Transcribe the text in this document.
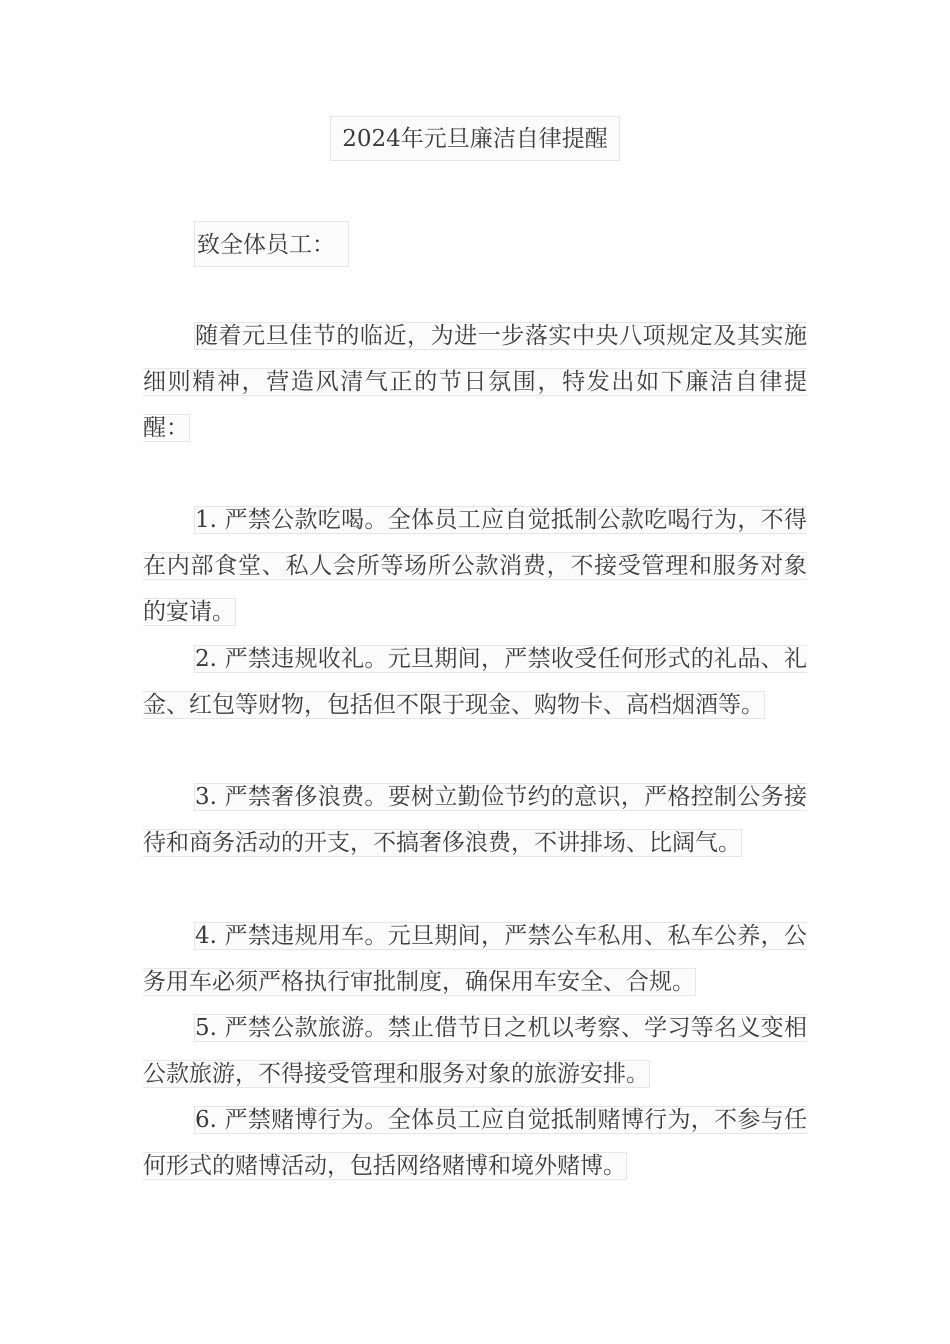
2024年元旦廉洁自律提醒
致全体员工：

随着元旦佳节的临近，为进一步落实中央八项规定及其实施细则精神，营造风清气正的节日氛围，特发出如下廉洁自律提醒：

1. 严禁公款吃喝。全体员工应自觉抵制公款吃喝行为，不得在内部食堂、私人会所等场所公款消费，不接受管理和服务对象的宴请。

2. 严禁违规收礼。元旦期间，严禁收受任何形式的礼品、礼金、红包等财物，包括但不限于现金、购物卡、高档烟酒等。

3. 严禁奢侈浪费。要树立勤俭节约的意识，严格控制公务接待和商务活动的开支，不搞奢侈浪费，不讲排场、比阔气。

4. 严禁违规用车。元旦期间，严禁公车私用、私车公养，公务用车必须严格执行审批制度，确保用车安全、合规。

5. 严禁公款旅游。禁止借节日之机以考察、学习等名义变相公款旅游，不得接受管理和服务对象的旅游安排。

6. 严禁赌博行为。全体员工应自觉抵制赌博行为，不参与任何形式的赌博活动，包括网络赌博和境外赌博。
